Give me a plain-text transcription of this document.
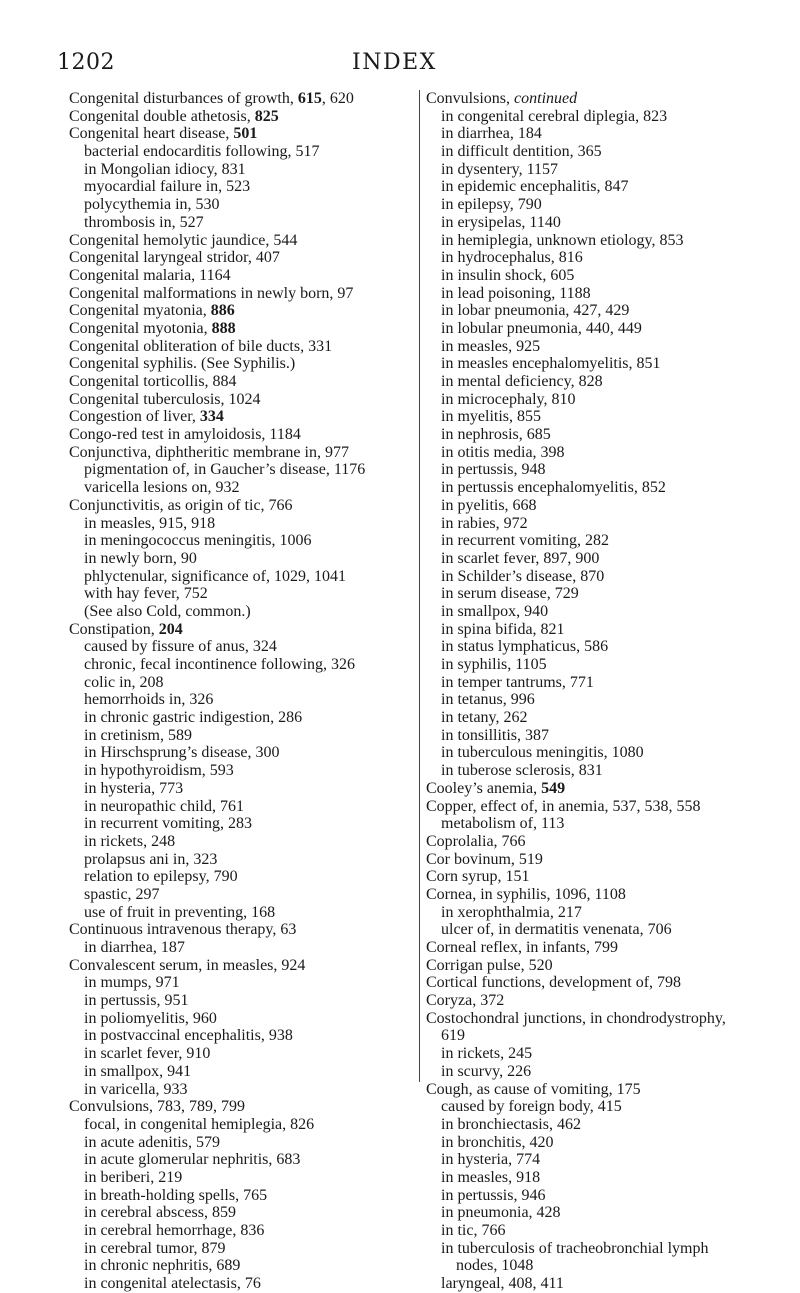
1202	INDEX
Congenital disturbances of growth, 615, 620
Congenital double athetosis, 825
Congenital heart disease, 501
bacterial endocarditis following, 517
in Mongolian idiocy, 831
myocardial failure in, 523
polycythemia in, 530
thrombosis in, 527
Congenital hemolytic jaundice, 544
Congenital laryngeal stridor, 407
Congenital malaria, 1164
Congenital malformations in newly born, 97
Congenital myatonia, 886
Congenital myotonia, 888
Congenital obliteration of bile ducts, 331
Congenital syphilis. (See Syphilis.)
Congenital torticollis, 884
Congenital tuberculosis, 1024
Congestion of liver, 334
Congo-red test in amyloidosis, 1184
Conjunctiva, diphtheritic membrane in, 977
pigmentation of, in Gaucher’s disease, 1176
varicella lesions on, 932
Conjunctivitis, as origin of tic, 766
in measles, 915, 918
in meningococcus meningitis, 1006
in newly born, 90
phlyctenular, significance of, 1029, 1041
with hay fever, 752
(See also Cold, common.)
Constipation, 204
caused by fissure of anus, 324
chronic, fecal incontinence following, 326
colic in, 208
hemorrhoids in, 326
in chronic gastric indigestion, 286
in cretinism, 589
in Hirschsprung’s disease, 300
in hypothyroidism, 593
in hysteria, 773
in neuropathic child, 761
in recurrent vomiting, 283
in rickets, 248
prolapsus ani in, 323
relation to epilepsy, 790
spastic, 297
use of fruit in preventing, 168
Continuous intravenous therapy, 63
in diarrhea, 187
Convalescent serum, in measles, 924
in mumps, 971
in pertussis, 951
in poliomyelitis, 960
in postvaccinal encephalitis, 938
in scarlet fever, 910
in smallpox, 941
in varicella, 933
Convulsions, 783, 789, 799
focal, in congenital hemiplegia, 826
in acute adenitis, 579
in acute glomerular nephritis, 683
in beriberi, 219
in breath-holding spells, 765
in cerebral abscess, 859
in cerebral hemorrhage, 836
in cerebral tumor, 879
in chronic nephritis, 689
in congenital atelectasis, 76
Convulsions, continued
in congenital cerebral diplegia, 823
in diarrhea, 184
in difficult dentition, 365
in dysentery, 1157
in epidemic encephalitis, 847
in epilepsy, 790
in erysipelas, 1140
in hemiplegia, unknown etiology, 853
in hydrocephalus, 816
in insulin shock, 605
in lead poisoning, 1188
in lobar pneumonia, 427, 429
in lobular pneumonia, 440, 449
in measles, 925
in measles encephalomyelitis, 851
in mental deficiency, 828
in microcephaly, 810
in myelitis, 855
in nephrosis, 685
in otitis media, 398
in pertussis, 948
in pertussis encephalomyelitis, 852
in pyelitis, 668
in rabies, 972
in recurrent vomiting, 282
in scarlet fever, 897, 900
in Schilder’s disease, 870
in serum disease, 729
in smallpox, 940
in spina bifida, 821
in status lymphaticus, 586
in syphilis, 1105
in temper tantrums, 771
in tetanus, 996
in tetany, 262
in tonsillitis, 387
in tuberculous meningitis, 1080
in tuberose sclerosis, 831
Cooley’s anemia, 549
Copper, effect of, in anemia, 537, 538, 558
metabolism of, 113
Coprolalia, 766
Cor bovinum, 519
Corn syrup, 151
Cornea, in syphilis, 1096, 1108
in xerophthalmia, 217
ulcer of, in dermatitis venenata, 706
Corneal reflex, in infants, 799
Corrigan pulse, 520
Cortical functions, development of, 798
Coryza, 372
Costochondral junctions, in chondrodystrophy,
619
in rickets, 245
in scurvy, 226
Cough, as cause of vomiting, 175
caused by foreign body, 415
in bronchiectasis, 462
in bronchitis, 420
in hysteria, 774
in measles, 918
in pertussis, 946
in pneumonia, 428
in tic, 766
in tuberculosis of tracheobronchial lymph
nodes, 1048
laryngeal, 408, 411
